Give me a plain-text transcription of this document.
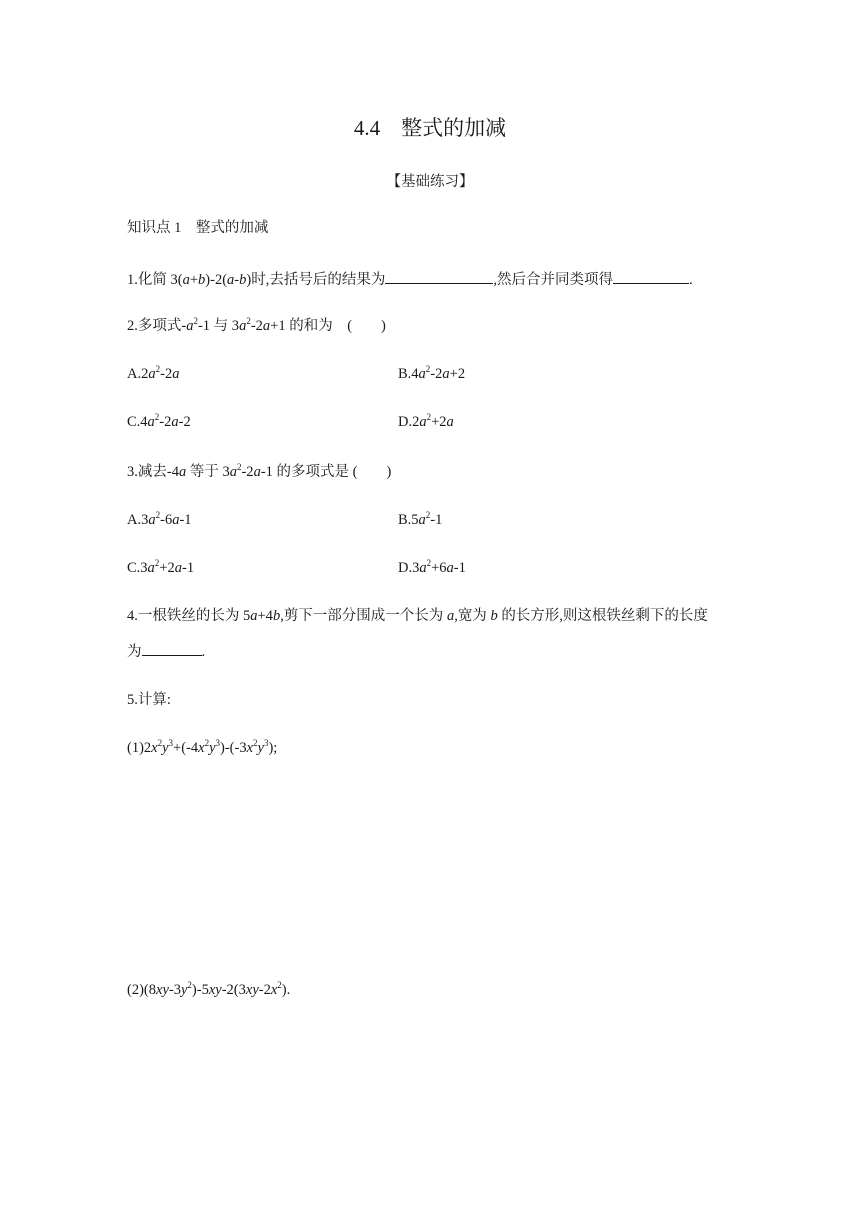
4.4　整式的加减
【基础练习】
知识点 1　整式的加减
1.化简 3(a+b)-2(a-b)时,去括号后的结果为	,然后合并同类项得	.
2.多项式$-a^2-1$ 与 $3a^2-2a+1$ 的和为　(　　)
$A.2a^2-2a$	$B.4a^2-2a+2$
$C.4a^2-2a-2$	$D.2a^2+2a$
3.减去-4a 等于 $3a^2-2a-1$ 的多项式是 (　　)
$A.3a^2-6a-1$	$B.5a^2-1$
$C.3a^2+2a-1$	$D.3a^2+6a-1$
4.一根铁丝的长为 5a+4b,剪下一部分围成一个长为 a,宽为 b 的长方形,则这根铁丝剩下的长度
为	.
5.计算:
$(1)2x^2y^3+(-4x^2y^3)-(-3x^2y^3)$;
$(2)(8xy-3y^2)-5xy-2(3xy-2x^2)$.
